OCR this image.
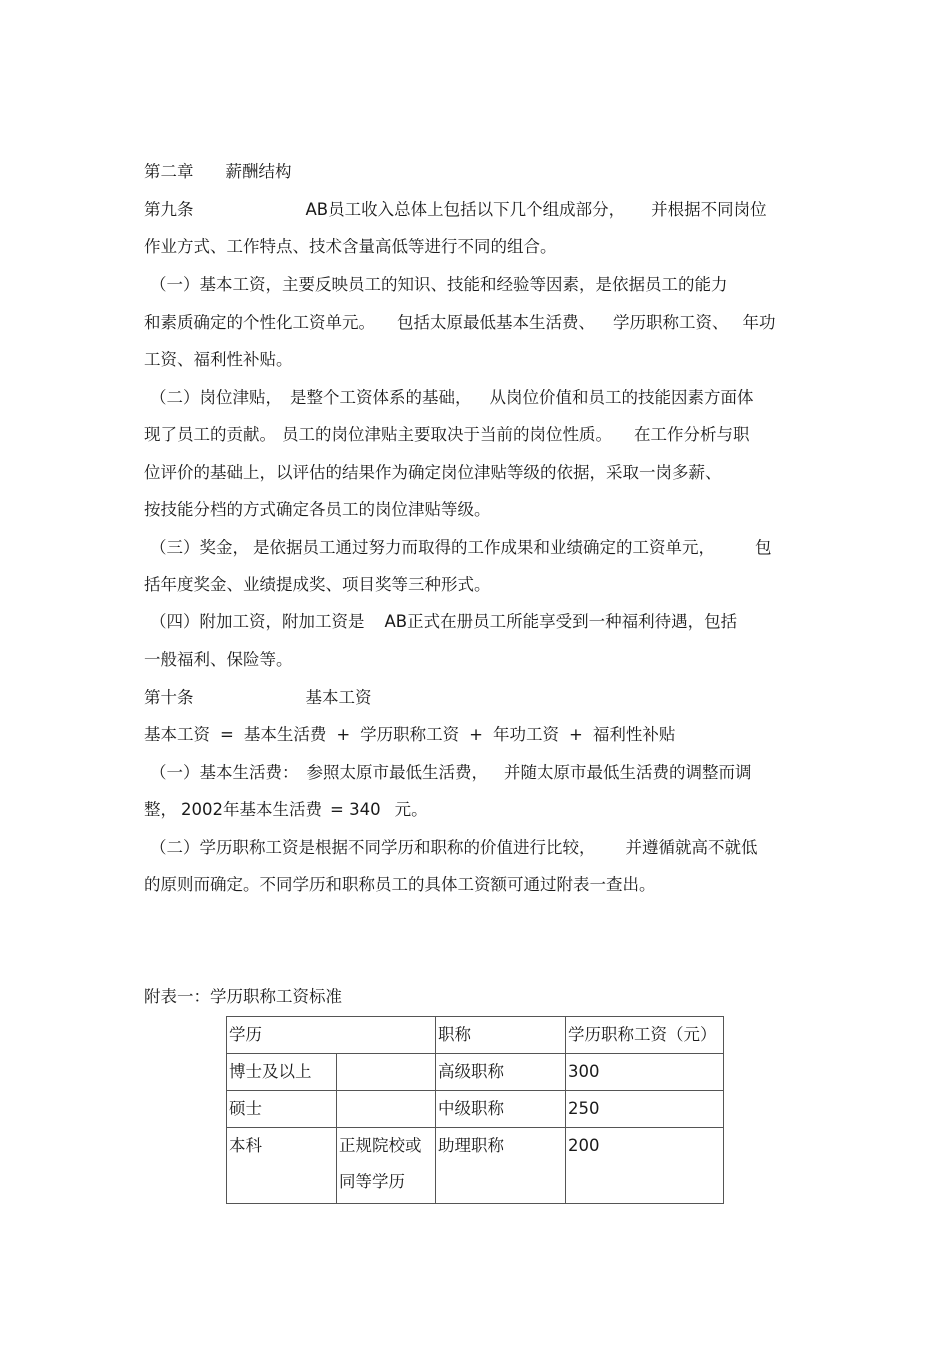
第二章 薪酬结构
第九条	AB员工收入总体上包括以下几个组成部分， 并根据不同岗位
作业方式、工作特点、技术含量高低等进行不同的组合。
（一）基本工资，主要反映员工的知识、技能和经验等因素，是依据员工的能力
和素质确定的个性化工资单元。 包括太原最低基本生活费、 学历职称工资、 年功
工资、福利性补贴。
（二）岗位津贴， 是整个工资体系的基础， 从岗位价值和员工的技能因素方面体
现了员工的贡献。 员工的岗位津贴主要取决于当前的岗位性质。 在工作分析与职
位评价的基础上，以评估的结果作为确定岗位津贴等级的依据，采取一岗多薪、
按技能分档的方式确定各员工的岗位津贴等级。
（三）奖金， 是依据员工通过努力而取得的工作成果和业绩确定的工资单元， 包
括年度奖金、业绩提成奖、项目奖等三种形式。
（四）附加工资，附加工资是 AB正式在册员工所能享受到一种福利待遇，包括
一般福利、保险等。
第十条	基本工资
基本工资 = 基本生活费 + 学历职称工资 + 年功工资 + 福利性补贴
（一）基本生活费： 参照太原市最低生活费， 并随太原市最低生活费的调整而调
整， 2002年基本生活费 = 340 元。
（二）学历职称工资是根据不同学历和职称的价值进行比较， 并遵循就高不就低
的原则而确定。不同学历和职称员工的具体工资额可通过附表一查出。
附表一：学历职称工资标准
学历		职称	学历职称工资（元）
博士及以上		高级职称	300
硕士		中级职称	250
本科	正规院校或同等学历	助理职称	200
